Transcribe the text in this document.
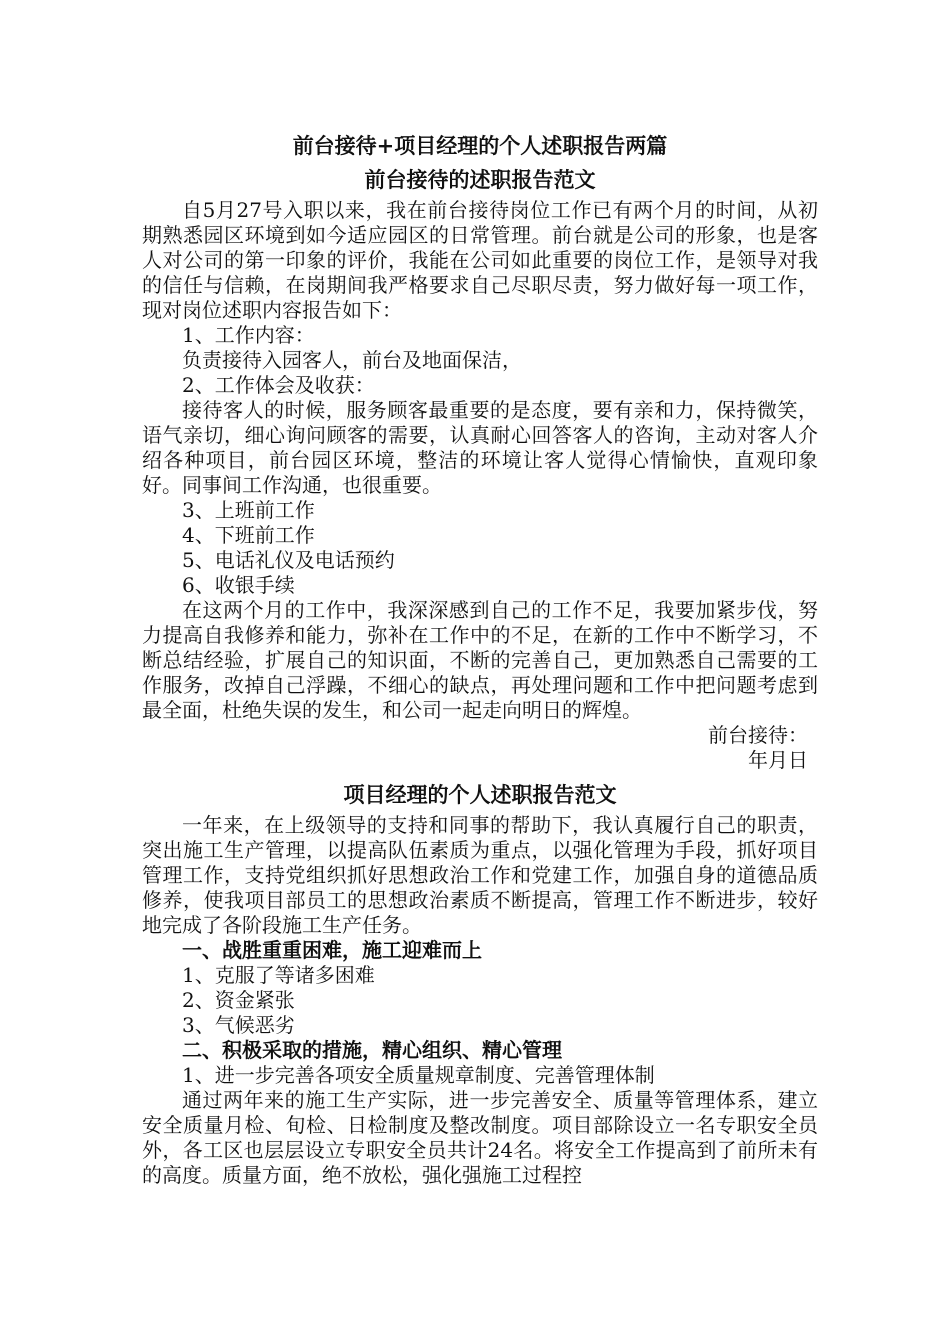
前台接待+项目经理的个人述职报告两篇

前台接待的述职报告范文

自5月27号入职以来，我在前台接待岗位工作已有两个月的时间，从初期熟悉园区环境到如今适应园区的日常管理。前台就是公司的形象，也是客人对公司的第一印象的评价，我能在公司如此重要的岗位工作，是领导对我的信任与信赖，在岗期间我严格要求自己尽职尽责，努力做好每一项工作，现对岗位述职内容报告如下：

1、工作内容：

负责接待入园客人，前台及地面保洁，

2、工作体会及收获：

接待客人的时候，服务顾客最重要的是态度，要有亲和力，保持微笑，语气亲切，细心询问顾客的需要，认真耐心回答客人的咨询，主动对客人介绍各种项目，前台园区环境，整洁的环境让客人觉得心情愉快，直观印象好。同事间工作沟通，也很重要。

3、上班前工作

4、下班前工作

5、电话礼仪及电话预约

6、收银手续

在这两个月的工作中，我深深感到自己的工作不足，我要加紧步伐，努力提高自我修养和能力，弥补在工作中的不足，在新的工作中不断学习，不断总结经验，扩展自己的知识面，不断的完善自己，更加熟悉自己需要的工作服务，改掉自己浮躁，不细心的缺点，再处理问题和工作中把问题考虑到最全面，杜绝失误的发生，和公司一起走向明日的辉煌。

前台接待：

年月日

项目经理的个人述职报告范文

一年来，在上级领导的支持和同事的帮助下，我认真履行自己的职责，突出施工生产管理，以提高队伍素质为重点，以强化管理为手段，抓好项目管理工作，支持党组织抓好思想政治工作和党建工作，加强自身的道德品质修养，使我项目部员工的思想政治素质不断提高，管理工作不断进步，较好地完成了各阶段施工生产任务。

一、战胜重重困难，施工迎难而上

1、克服了等诸多困难

2、资金紧张

3、气候恶劣

二、积极采取的措施，精心组织、精心管理

1、进一步完善各项安全质量规章制度、完善管理体制

通过两年来的施工生产实际，进一步完善安全、质量等管理体系，建立安全质量月检、旬检、日检制度及整改制度。项目部除设立一名专职安全员外，各工区也层层设立专职安全员共计24名。将安全工作提高到了前所未有的高度。质量方面，绝不放松，强化强施工过程控
